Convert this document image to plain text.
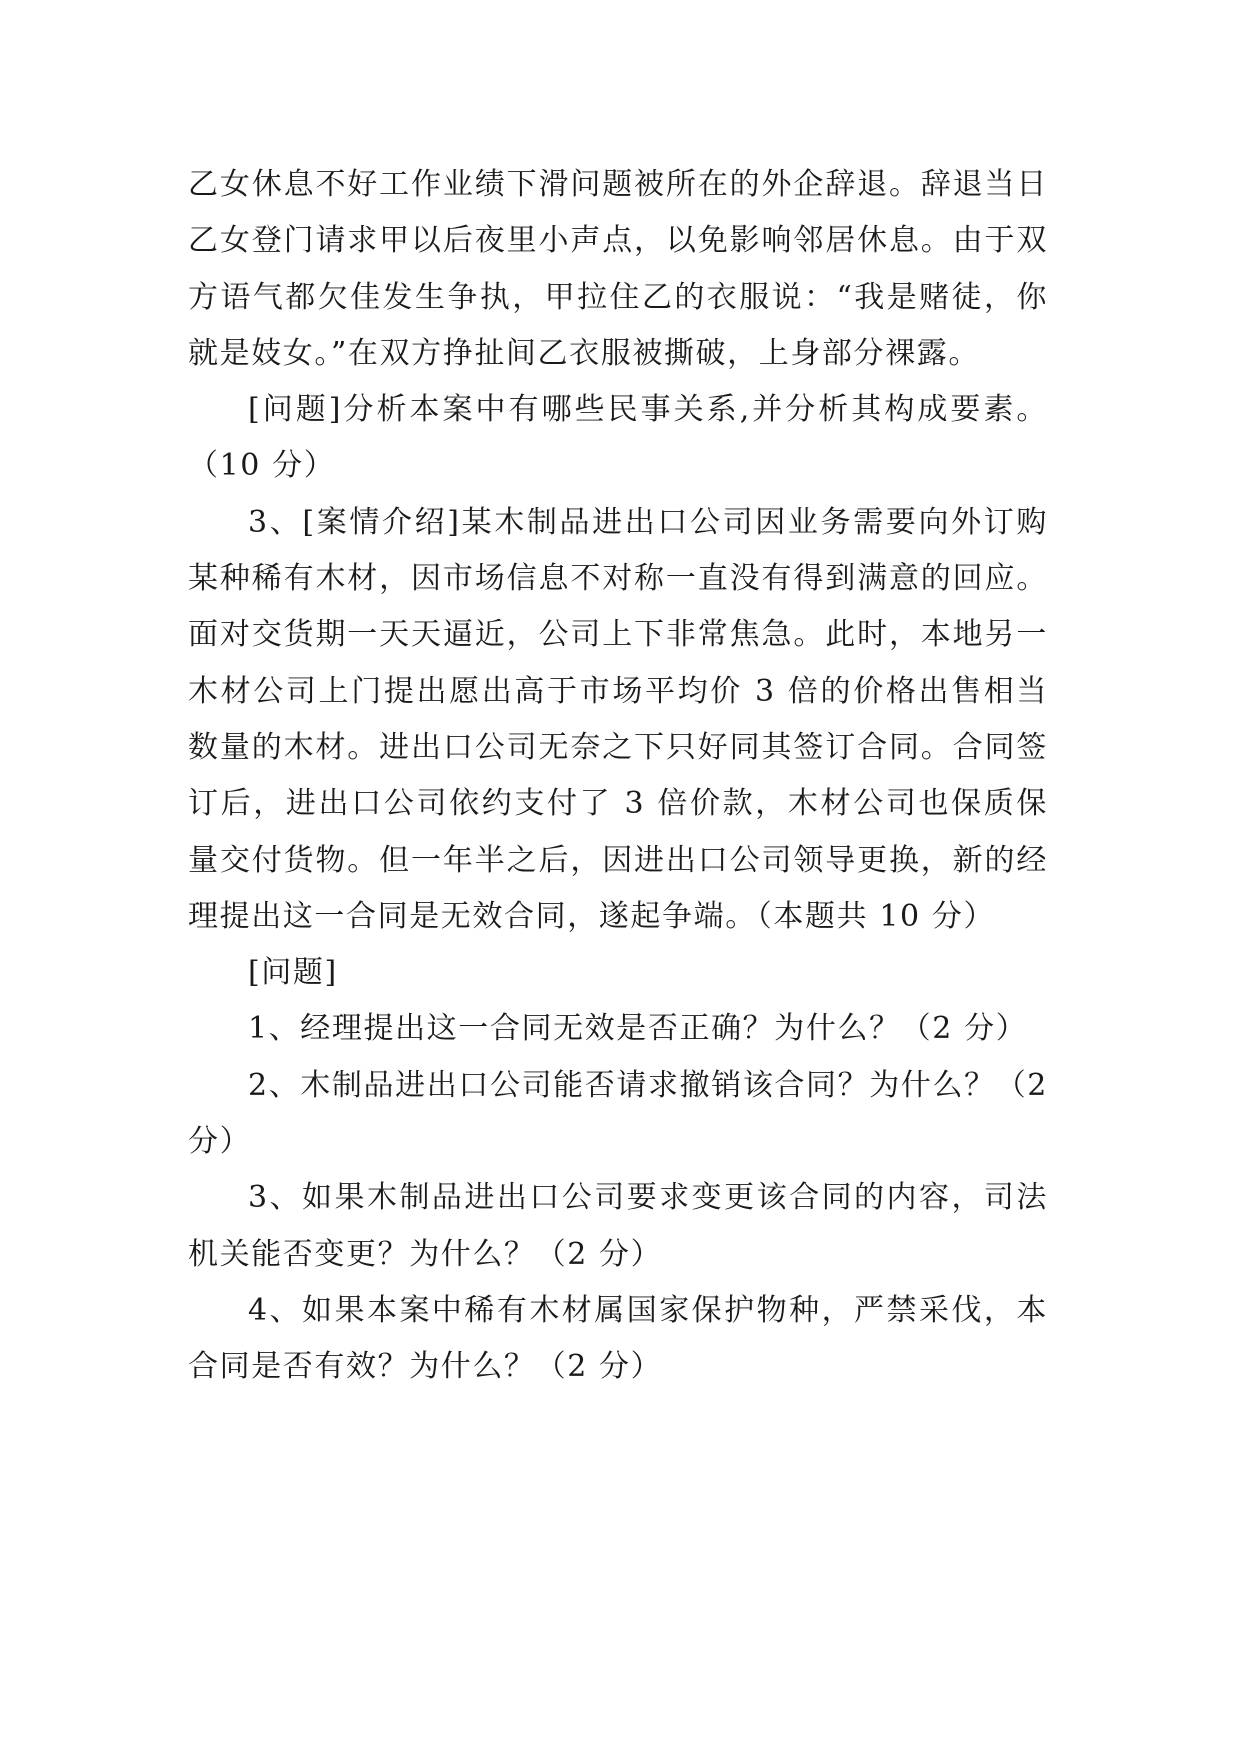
乙女休息不好工作业绩下滑问题被所在的外企辞退。辞退当日乙女登门请求甲以后夜里小声点，以免影响邻居休息。由于双方语气都欠佳发生争执，甲拉住乙的衣服说：“我是赌徒，你就是妓女。”在双方挣扯间乙衣服被撕破，上身部分裸露。

[问题]分析本案中有哪些民事关系,并分析其构成要素。（10 分）

3、[案情介绍]某木制品进出口公司因业务需要向外订购某种稀有木材，因市场信息不对称一直没有得到满意的回应。面对交货期一天天逼近，公司上下非常焦急。此时，本地另一木材公司上门提出愿出高于市场平均价 3 倍的价格出售相当数量的木材。进出口公司无奈之下只好同其签订合同。合同签订后，进出口公司依约支付了 3 倍价款，木材公司也保质保量交付货物。但一年半之后，因进出口公司领导更换，新的经理提出这一合同是无效合同，遂起争端。（本题共 10 分）

[问题]

1、经理提出这一合同无效是否正确？为什么？（2 分）

2、木制品进出口公司能否请求撤销该合同？为什么？（2 分）

3、如果木制品进出口公司要求变更该合同的内容，司法机关能否变更？为什么？（2 分）

4、如果本案中稀有木材属国家保护物种，严禁采伐，本合同是否有效？为什么？（2 分）
